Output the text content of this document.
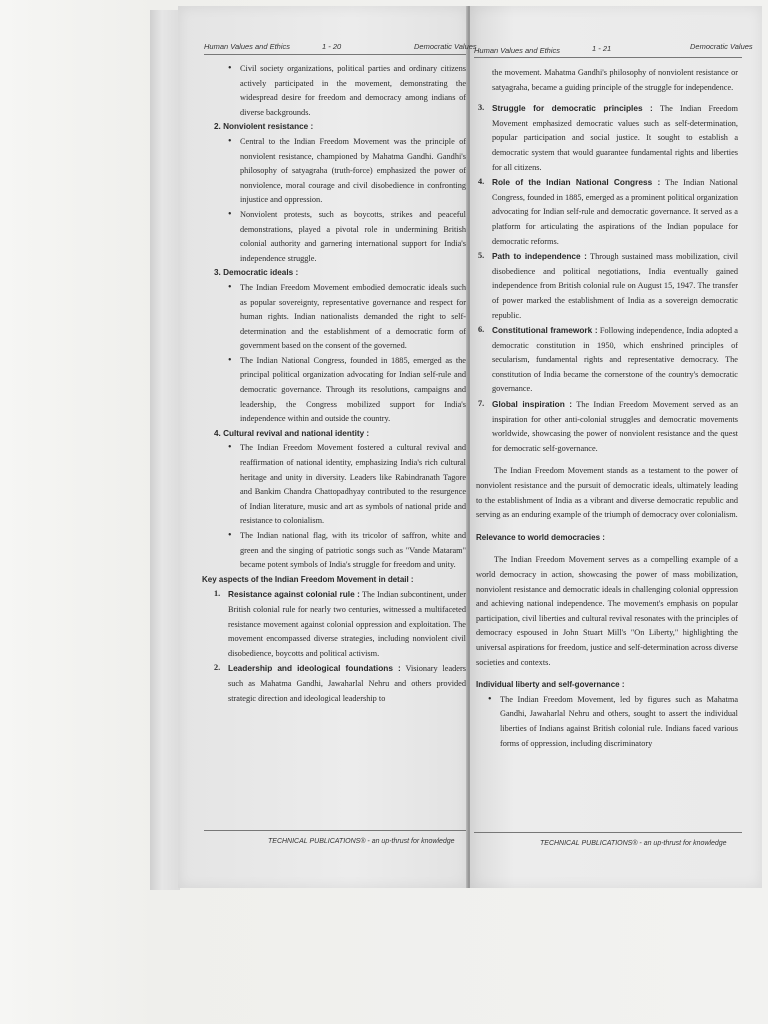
Human Values and Ethics	1 - 20	Democratic Values

• Civil society organizations, political parties and ordinary citizens actively participated in the movement, demonstrating the widespread desire for freedom and democracy among indians of diverse backgrounds.

2. Nonviolent resistance :

• Central to the Indian Freedom Movement was the principle of nonviolent resistance, championed by Mahatma Gandhi. Gandhi's philosophy of satyagraha (truth-force) emphasized the power of nonviolence, moral courage and civil disobedience in confronting injustice and oppression.

• Nonviolent protests, such as boycotts, strikes and peaceful demonstrations, played a pivotal role in undermining British colonial authority and garnering international support for India's independence struggle.

3. Democratic ideals :

• The Indian Freedom Movement embodied democratic ideals such as popular sovereignty, representative governance and respect for human rights. Indian nationalists demanded the right to self-determination and the establishment of a democratic form of government based on the consent of the governed.

• The Indian National Congress, founded in 1885, emerged as the principal political organization advocating for Indian self-rule and democratic governance. Through its resolutions, campaigns and leadership, the Congress mobilized support for India's independence within and outside the country.

4. Cultural revival and national identity :

• The Indian Freedom Movement fostered a cultural revival and reaffirmation of national identity, emphasizing India's rich cultural heritage and unity in diversity. Leaders like Rabindranath Tagore and Bankim Chandra Chattopadhyay contributed to the resurgence of Indian literature, music and art as symbols of national pride and resistance to colonialism.

• The Indian national flag, with its tricolor of saffron, white and green and the singing of patriotic songs such as "Vande Mataram" became potent symbols of India's struggle for freedom and unity.

Key aspects of the Indian Freedom Movement in detail :

1. Resistance against colonial rule : The Indian subcontinent, under British colonial rule for nearly two centuries, witnessed a multifaceted resistance movement against colonial oppression and exploitation. The movement encompassed diverse strategies, including nonviolent civil disobedience, boycotts and political activism.

2. Leadership and ideological foundations : Visionary leaders such as Mahatma Gandhi, Jawaharlal Nehru and others provided strategic direction and ideological leadership to

TECHNICAL PUBLICATIONS® - an up-thrust for knowledge
Human Values and Ethics	1 - 21	Democratic Values

the movement. Mahatma Gandhi's philosophy of nonviolent resistance or satyagraha, became a guiding principle of the struggle for independence.

3. Struggle for democratic principles : The Indian Freedom Movement emphasized democratic values such as self-determination, popular participation and social justice. It sought to establish a democratic system that would guarantee fundamental rights and liberties for all citizens.

4. Role of the Indian National Congress : The Indian National Congress, founded in 1885, emerged as a prominent political organization advocating for Indian self-rule and democratic governance. It served as a platform for articulating the aspirations of the Indian populace for democratic reforms.

5. Path to independence : Through sustained mass mobilization, civil disobedience and political negotiations, India eventually gained independence from British colonial rule on August 15, 1947. The transfer of power marked the establishment of India as a sovereign democratic republic.

6. Constitutional framework : Following independence, India adopted a democratic constitution in 1950, which enshrined principles of secularism, fundamental rights and representative democracy. The constitution of India became the cornerstone of the country's democratic governance.

7. Global inspiration : The Indian Freedom Movement served as an inspiration for other anti-colonial struggles and democratic movements worldwide, showcasing the power of nonviolent resistance and the quest for democratic self-governance.

The Indian Freedom Movement stands as a testament to the power of nonviolent resistance and the pursuit of democratic ideals, ultimately leading to the establishment of India as a vibrant and diverse democratic republic and serving as an enduring example of the triumph of democracy over colonialism.

Relevance to world democracies :

The Indian Freedom Movement serves as a compelling example of a world democracy in action, showcasing the power of mass mobilization, nonviolent resistance and democratic ideals in challenging colonial oppression and achieving national independence. The movement's emphasis on popular participation, civil liberties and cultural revival resonates with the principles of democracy espoused in John Stuart Mill's "On Liberty," highlighting the universal aspirations for freedom, justice and self-determination across diverse societies and contexts.

Individual liberty and self-governance :

• The Indian Freedom Movement, led by figures such as Mahatma Gandhi, Jawaharlal Nehru and others, sought to assert the individual liberties of Indians against British colonial rule. Indians faced various forms of oppression, including discriminatory

TECHNICAL PUBLICATIONS® - an up-thrust for knowledge
